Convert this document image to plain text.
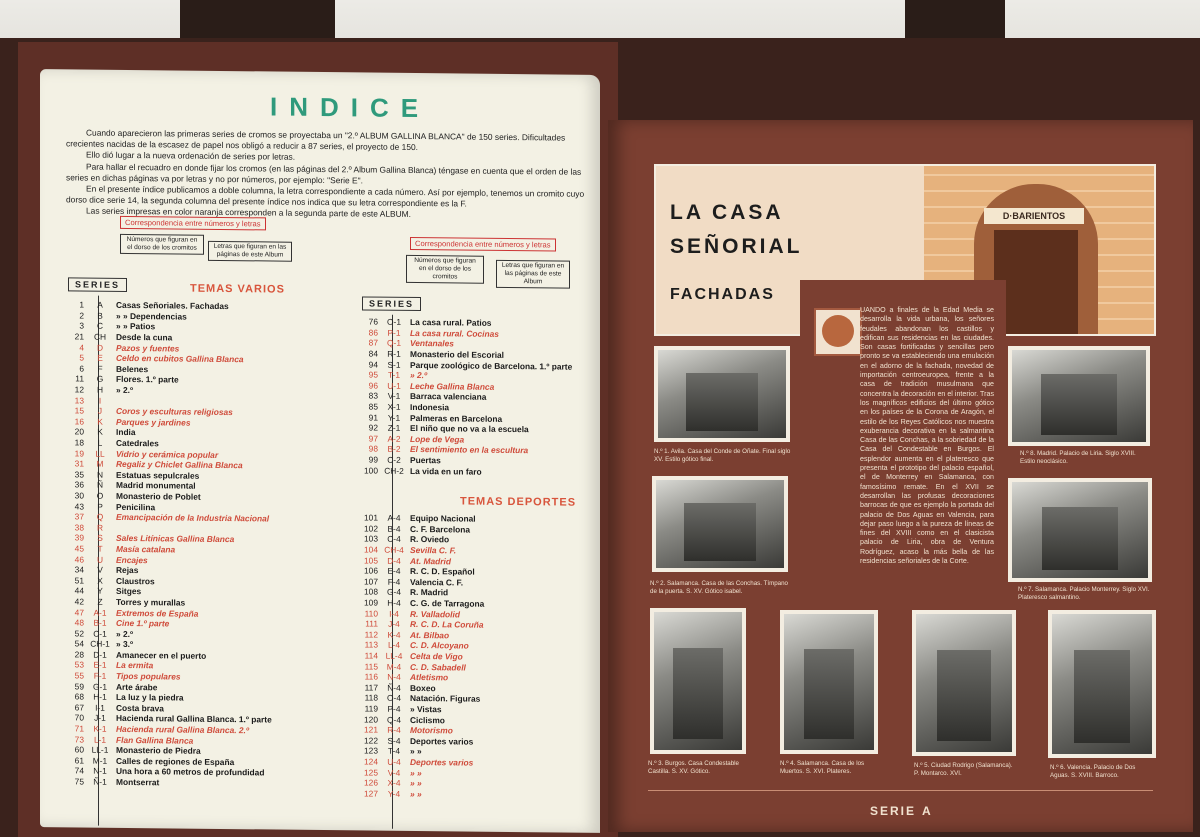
INDICE

Cuando aparecieron las primeras series de cromos se proyectaba un "2.º ALBUM GALLINA BLANCA" de 150 series. Dificultades crecientes nacidas de la escasez de papel nos obligó a reducir a 87 series, el proyecto de 150.

Ello dió lugar a la nueva ordenación de series por letras.

Para hallar el recuadro en donde fijar los cromos (en las páginas del 2.º Album Gallina Blanca) téngase en cuenta que el orden de las series en dichas páginas va por letras y no por números, por ejemplo: "Serie E".

En el presente índice publicamos a doble columna, la letra correspondiente a cada número. Así por ejemplo, tenemos un cromito cuyo dorso dice serie 14, la segunda columna del presente índice nos indica que su letra correspondiente es la F.

Las series impresas en color naranja corresponden a la segunda parte de este ALBUM.

Correspondencia entre números y letras
Números que figuran en el dorso de los cromitos	Letras que figuran en las páginas de este Album
SERIES	TEMAS VARIOS
Correspondencia entre números y letras
Números que figuran en el dorso de los cromitos
Letras que figuran en las páginas de este Album
SERIES
1	A	Casas Señoriales. Fachadas
2	B	» » Dependencias
3	C	» » Patios
21	CH	Desde la cuna
4	D	Pazos y fuentes
5	E	Celdo en cubitos Gallina Blanca
6	F	Belenes
11	G	Flores. 1.º parte
12	H	» 2.º
13	I
15	J	Coros y esculturas religiosas
16	K	Parques y jardines
20	K	India
18	L	Catedrales
19	LL	Vidrio y cerámica popular
31	M	Regaliz y Chiclet Gallina Blanca
35	N	Estatuas sepulcrales
36	Ñ	Madrid monumental
30	O	Monasterio de Poblet
43	P	Penicilina
37	Q	Emancipación de la Industria Nacional
38	R
39	S	Sales Litínicas Gallina Blanca
45	T	Masía catalana
46	U	Encajes
34	V	Rejas
51	X	Claustros
44	Y	Sitges
42	Z	Torres y murallas
47	A-1	Extremos de España
48	B-1	Cine 1.º parte
52	C-1	» 2.º
54 CH-1 » 3.º
28	D-1	Amanecer en el puerto
53	E-1	La ermita
55	F-1	Tipos populares
59	G-1	Arte árabe
68	H-1	La luz y la piedra
67	I-1	Costa brava
70	J-1	Hacienda rural Gallina Blanca. 1.º parte
71	K-1	Hacienda rural Gallina Blanca. 2.º
73	L-1	Flan Gallina Blanca
60 LL-1 Monasterio de Piedra
61	M-1	Calles de regiones de España
74	N-1	Una hora a 60 metros de profundidad
75	Ñ-1	Montserrat
76	O-1	La casa rural. Patios
86	P-1	La casa rural. Cocinas
87	Q-1	Ventanales
84	R-1	Monasterio del Escorial
94	S-1	Parque zoológico de Barcelona. 1.º parte
95	T-1	» 2.º
96	U-1	Leche Gallina Blanca
83	V-1	Barraca valenciana
85	X-1	Indonesia
91	Y-1	Palmeras en Barcelona
92	Z-1	El niño que no va a la escuela
97	A-2	Lope de Vega
98	B-2	El sentimiento en la escultura
99	C-2	Puertas
100 CH-2 La vida en un faro
TEMAS DEPORTES
101	A-4	Equipo Nacional
102	B-4	C. F. Barcelona
103	C-4	R. Oviedo
104 CH-4 Sevilla C. F.
105	D-4	At. Madrid
106	E-4	R. C. D. Español
107	F-4	Valencia C. F.
108	G-4	R. Madrid
109	H-4	C. G. de Tarragona
110	I-4	R. Valladolid
111	J-4	R. C. D. La Coruña
112	K-4	At. Bilbao
113	L-4	C. D. Alcoyano
114 LL-4 Celta de Vigo
115	M-4	C. D. Sabadell
116	N-4	Atletismo
117	Ñ-4	Boxeo
118	O-4	Natación. Figuras
119	P-4	» Vistas
120	Q-4	Ciclismo
121	R-4	Motorismo
122	S-4	Deportes varios
123	T-4	» »
124	U-4	Deportes varios
125	V-4	» »
126	X-4	» »
127	Y-4	» »
D·BARIENTOS
LA CASA
SEÑORIAL
FACHADAS
UANDO a finales de la Edad Media se desarrolla la vida urbana, los señores feudales abandonan los castillos y edifican sus residencias en las ciudades. Son casas fortificadas y sencillas pero pronto se va estableciendo una emulación en el adorno de la fachada, novedad de importación centroeuropea, frente a la casa de tradición musulmana que concentra la decoración en el interior. Tras los magníficos edificios del último gótico en los países de la Corona de Aragón, el estilo de los Reyes Católicos nos muestra exuberancia decorativa en la salmantina Casa de las Conchas, a la sobriedad de la Casa del Condestable en Burgos. El esplendor aumenta en el plateresco que presenta el prototipo del palacio español, el de Monterrey en Salamanca, con famosísimo remate. En el XVII se desarrollan las profusas decoraciones barrocas de que es ejemplo la portada del palacio de Dos Aguas en Valencia, para dejar paso luego a la pureza de líneas de fines del XVIII como en el clasicista palacio de Liria, obra de Ventura Rodríguez, acaso la más bella de las residencias señoriales de la Corte.
N.º 1. Avila. Casa del Conde de Oñate. Final siglo XV. Estilo gótico final.
N.º 8. Madrid. Palacio de Liria. Siglo XVIII. Estilo neoclásico.
N.º 2. Salamanca. Casa de las Conchas. Tímpano de la puerta. S. XV. Gótico isabel.	N.º 7. Salamanca. Palacio Monterrey. Siglo XVI. Plateresco salmantino.
N.º 3. Burgos. Casa Condestable Castilla. S. XV. Gótico.
N.º 4. Salamanca. Casa de los Muertos. S. XVI. Plateres.
N.º 5. Ciudad Rodrigo (Salamanca). P. Montarco. XVI.
N.º 6. Valencia. Palacio de Dos Aguas. S. XVIII. Barroco.
SERIE A
